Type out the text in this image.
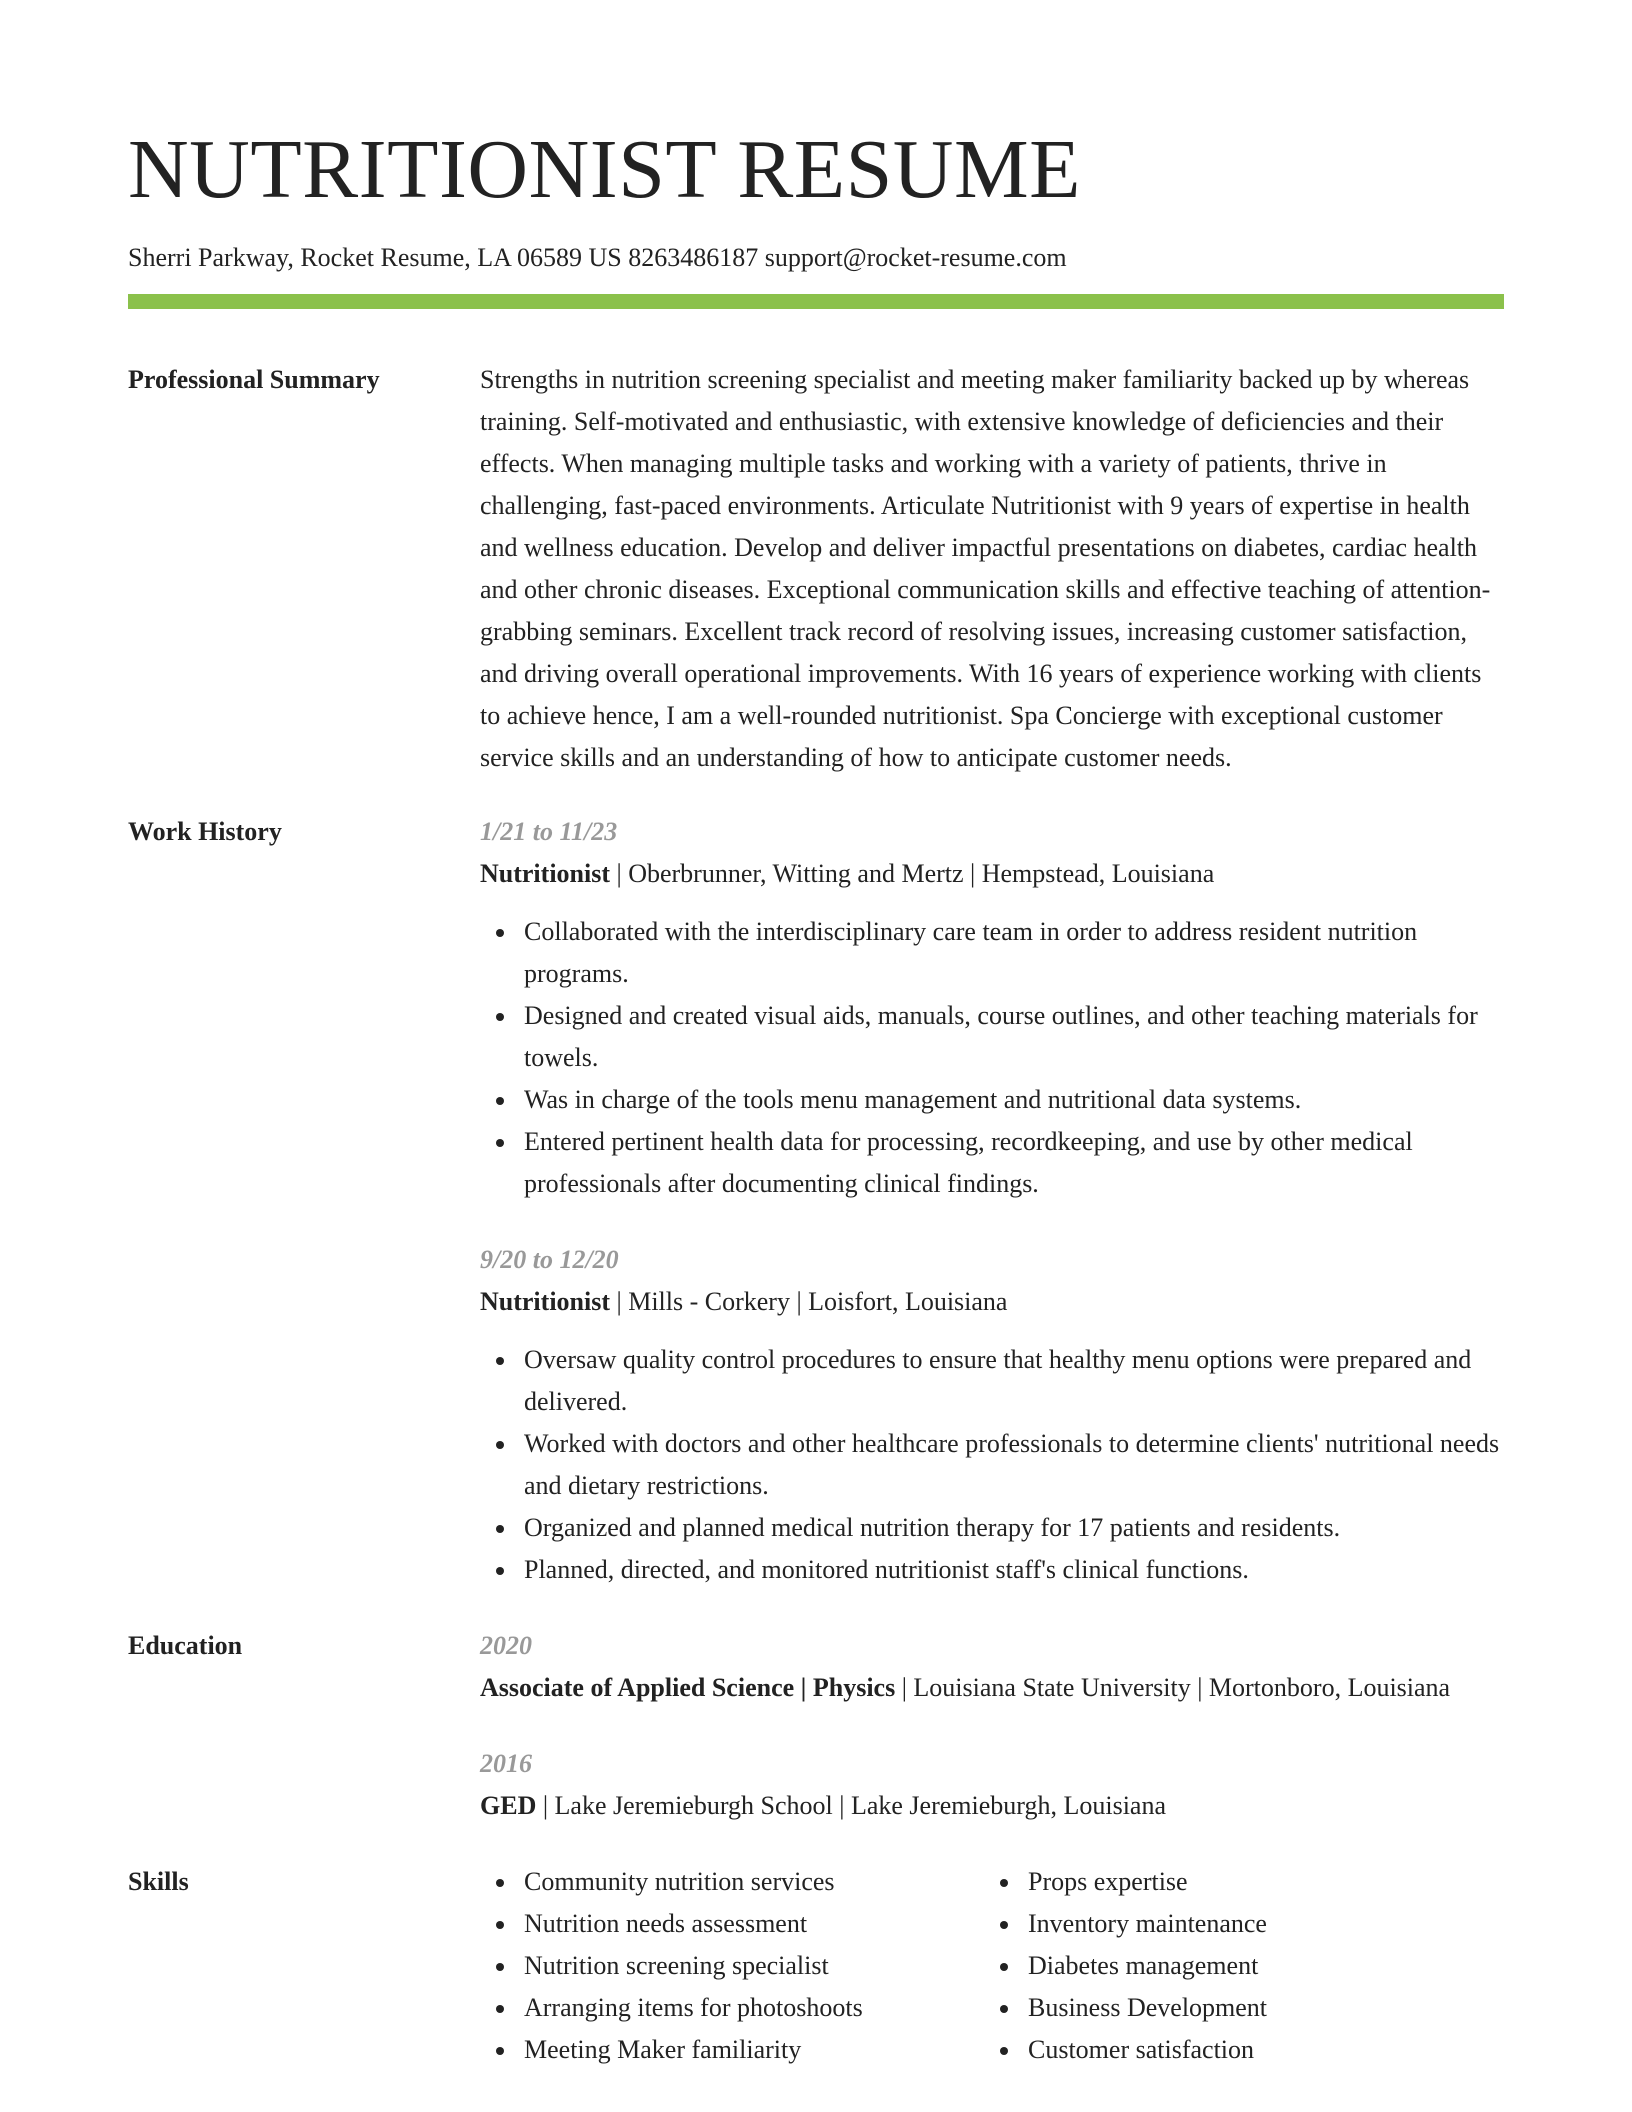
NUTRITIONIST RESUME
Sherri Parkway, Rocket Resume, LA 06589 US 8263486187 support@rocket-resume.com
Professional Summary	Strengths in nutrition screening specialist and meeting maker familiarity backed up by whereas training. Self-motivated and enthusiastic, with extensive knowledge of deficiencies and their effects. When managing multiple tasks and working with a variety of patients, thrive in challenging, fast-paced environments. Articulate Nutritionist with 9 years of expertise in health and wellness education. Develop and deliver impactful presentations on diabetes, cardiac health and other chronic diseases. Exceptional communication skills and effective teaching of attention-grabbing seminars. Excellent track record of resolving issues, increasing customer satisfaction, and driving overall operational improvements. With 16 years of experience working with clients to achieve hence, I am a well-rounded nutritionist. Spa Concierge with exceptional customer service skills and an understanding of how to anticipate customer needs.

Work History	1/21 to 11/23
Nutritionist | Oberbrunner, Witting and Mertz | Hempstead, Louisiana
Collaborated with the interdisciplinary care team in order to address resident nutrition programs.
Designed and created visual aids, manuals, course outlines, and other teaching materials for towels.
Was in charge of the tools menu management and nutritional data systems.
Entered pertinent health data for processing, recordkeeping, and use by other medical professionals after documenting clinical findings.
9/20 to 12/20
Nutritionist | Mills - Corkery | Loisfort, Louisiana
Oversaw quality control procedures to ensure that healthy menu options were prepared and delivered.
Worked with doctors and other healthcare professionals to determine clients' nutritional needs and dietary restrictions.
Organized and planned medical nutrition therapy for 17 patients and residents.
Planned, directed, and monitored nutritionist staff's clinical functions.
Education	2020
Associate of Applied Science | Physics | Louisiana State University | Mortonboro, Louisiana
2016
GED | Lake Jeremieburgh School | Lake Jeremieburgh, Louisiana
Skills	Community nutrition services
Nutrition needs assessment
Nutrition screening specialist
Arranging items for photoshoots
Meeting Maker familiarity
Props expertise
Inventory maintenance
Diabetes management
Business Development
Customer satisfaction
